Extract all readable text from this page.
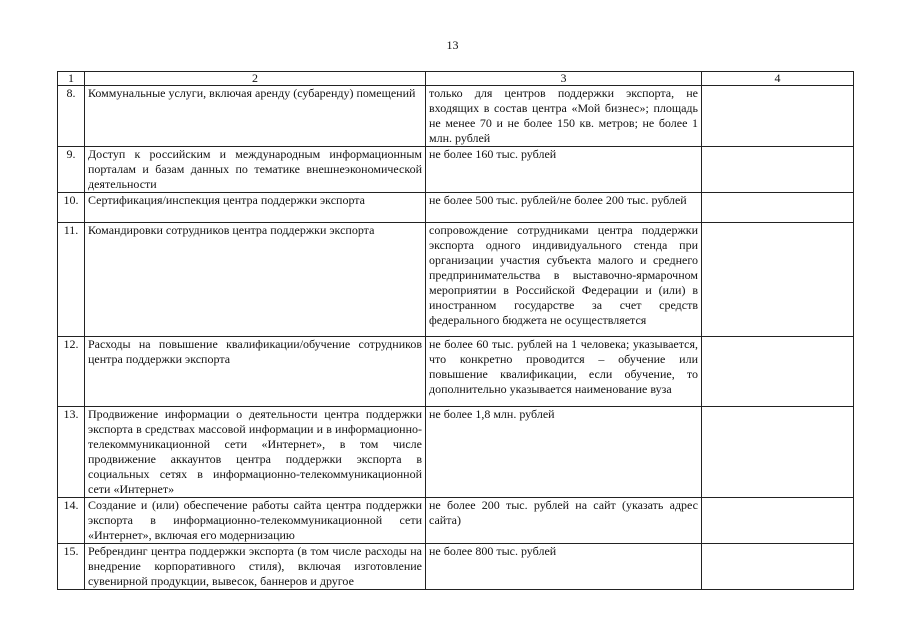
13
1	2	3	4
8.	Коммунальные услуги, включая аренду (субаренду) помещений	только для центров поддержки экспорта, не входящих в состав центра «Мой бизнес»; площадь не менее 70 и не более 150 кв. метров; не более 1 млн. рублей	
9.	Доступ к российским и международным информационным порталам и базам данных по тематике внешнеэкономической деятельности	не более 160 тыс. рублей	
10.	Сертификация/инспекция центра поддержки экспорта	не более 500 тыс. рублей/не более 200 тыс. рублей	
11.	Командировки сотрудников центра поддержки экспорта	сопровождение сотрудниками центра поддержки экспорта одного индивидуального стенда при организации участия субъекта малого и среднего предпринимательства в выставочно-ярмарочном мероприятии в Российской Федерации и (или) в иностранном государстве за счет средств федерального бюджета не осуществляется	
12.	Расходы на повышение квалификации/обучение сотрудников центра поддержки экспорта	не более 60 тыс. рублей на 1 человека; указывается, что конкретно проводится – обучение или повышение квалификации, если обучение, то дополнительно указывается наименование вуза	
13.	Продвижение информации о деятельности центра поддержки экспорта в средствах массовой информации и в информационно-телекоммуникационной сети «Интернет», в том числе продвижение аккаунтов центра поддержки экспорта в социальных сетях в информационно-телекоммуникационной сети «Интернет»	не более 1,8 млн. рублей	
14.	Создание и (или) обеспечение работы сайта центра поддержки экспорта в информационно-телекоммуникационной сети «Интернет», включая его модернизацию	не более 200 тыс. рублей на сайт (указать адрес сайта)	
15.	Ребрендинг центра поддержки экспорта (в том числе расходы на внедрение корпоративного стиля), включая изготовление сувенирной продукции, вывесок, баннеров и другое	не более 800 тыс. рублей	
